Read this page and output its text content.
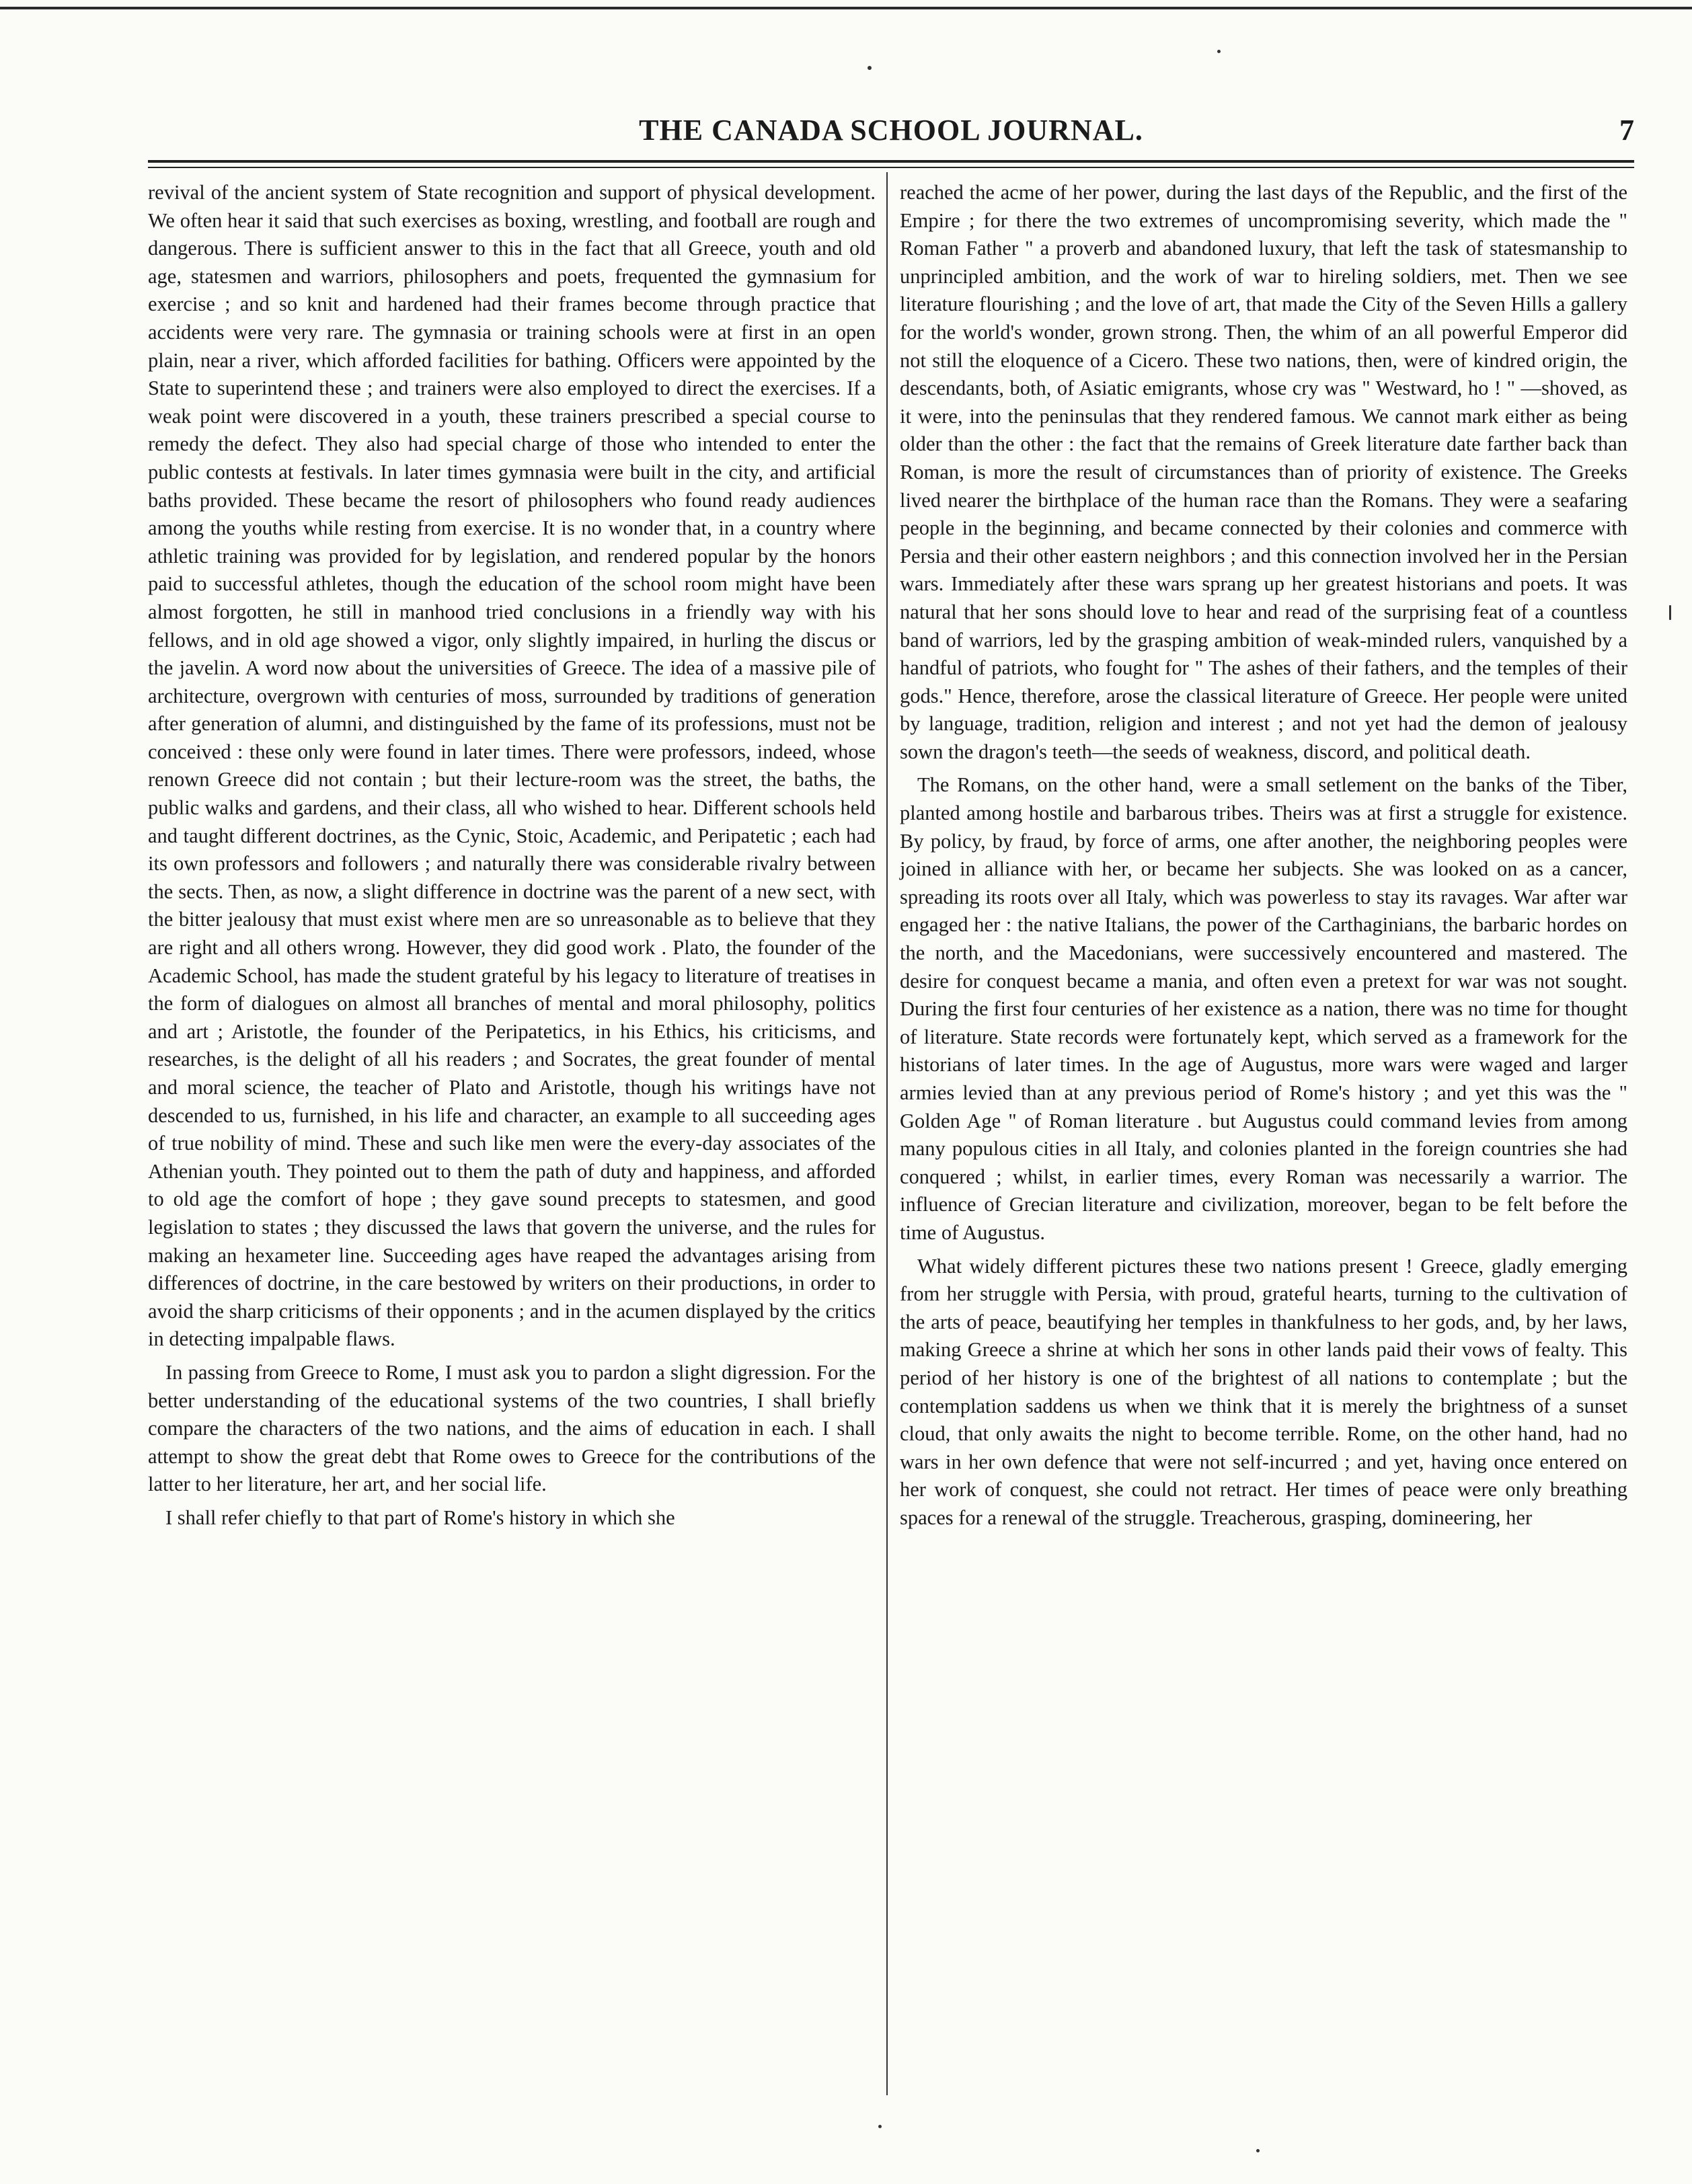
THE CANADA SCHOOL JOURNAL.	7

revival of the ancient system of State recognition and support of physical development. We often hear it said that such exercises as boxing, wrestling, and football are rough and dangerous. There is sufficient answer to this in the fact that all Greece, youth and old age, statesmen and warriors, philosophers and poets, frequented the gymnasium for exercise ; and so knit and hardened had their frames become through practice that accidents were very rare. The gymnasia or training schools were at first in an open plain, near a river, which afforded facilities for bathing. Officers were appointed by the State to superintend these ; and trainers were also employed to direct the exercises. If a weak point were discovered in a youth, these trainers prescribed a special course to remedy the defect. They also had special charge of those who intended to enter the public contests at festivals. In later times gymnasia were built in the city, and artificial baths provided. These became the resort of philosophers who found ready audiences among the youths while resting from exercise. It is no wonder that, in a country where athletic training was provided for by legislation, and rendered popular by the honors paid to successful athletes, though the education of the school room might have been almost forgotten, he still in manhood tried conclusions in a friendly way with his fellows, and in old age showed a vigor, only slightly impaired, in hurling the discus or the javelin. A word now about the universities of Greece. The idea of a massive pile of architecture, overgrown with centuries of moss, surrounded by traditions of generation after generation of alumni, and distinguished by the fame of its professions, must not be conceived : these only were found in later times. There were professors, indeed, whose renown Greece did not contain ; but their lecture-room was the street, the baths, the public walks and gardens, and their class, all who wished to hear. Different schools held and taught different doctrines, as the Cynic, Stoic, Academic, and Peripatetic ; each had its own professors and followers ; and naturally there was considerable rivalry between the sects. Then, as now, a slight difference in doctrine was the parent of a new sect, with the bitter jealousy that must exist where men are so unreasonable as to believe that they are right and all others wrong. However, they did good work . Plato, the founder of the Academic School, has made the student grateful by his legacy to literature of treatises in the form of dialogues on almost all branches of mental and moral philosophy, politics and art ; Aristotle, the founder of the Peripatetics, in his Ethics, his criticisms, and researches, is the delight of all his readers ; and Socrates, the great founder of mental and moral science, the teacher of Plato and Aristotle, though his writings have not descended to us, furnished, in his life and character, an example to all succeeding ages of true nobility of mind. These and such like men were the every-day associates of the Athenian youth. They pointed out to them the path of duty and happiness, and afforded to old age the comfort of hope ; they gave sound precepts to statesmen, and good legislation to states ; they discussed the laws that govern the universe, and the rules for making an hexameter line. Succeeding ages have reaped the advantages arising from differences of doctrine, in the care bestowed by writers on their productions, in order to avoid the sharp criticisms of their opponents ; and in the acumen displayed by the critics in detecting impalpable flaws.

In passing from Greece to Rome, I must ask you to pardon a slight digression. For the better understanding of the educational systems of the two countries, I shall briefly compare the characters of the two nations, and the aims of education in each. I shall attempt to show the great debt that Rome owes to Greece for the contributions of the latter to her literature, her art, and her social life.

I shall refer chiefly to that part of Rome's history in which she

reached the acme of her power, during the last days of the Republic, and the first of the Empire ; for there the two extremes of uncompromising severity, which made the " Roman Father " a proverb and abandoned luxury, that left the task of statesmanship to unprincipled ambition, and the work of war to hireling soldiers, met. Then we see literature flourishing ; and the love of art, that made the City of the Seven Hills a gallery for the world's wonder, grown strong. Then, the whim of an all powerful Emperor did not still the eloquence of a Cicero. These two nations, then, were of kindred origin, the descendants, both, of Asiatic emigrants, whose cry was " Westward, ho ! " —shoved, as it were, into the peninsulas that they rendered famous. We cannot mark either as being older than the other : the fact that the remains of Greek literature date farther back than Roman, is more the result of circumstances than of priority of existence. The Greeks lived nearer the birthplace of the human race than the Romans. They were a seafaring people in the beginning, and became connected by their colonies and commerce with Persia and their other eastern neighbors ; and this connection involved her in the Persian wars. Immediately after these wars sprang up her greatest historians and poets. It was natural that her sons should love to hear and read of the surprising feat of a countless band of warriors, led by the grasping ambition of weak-minded rulers, vanquished by a handful of patriots, who fought for " The ashes of their fathers, and the temples of their gods." Hence, therefore, arose the classical literature of Greece. Her people were united by language, tradition, religion and interest ; and not yet had the demon of jealousy sown the dragon's teeth—the seeds of weakness, discord, and political death.

The Romans, on the other hand, were a small setlement on the banks of the Tiber, planted among hostile and barbarous tribes. Theirs was at first a struggle for existence. By policy, by fraud, by force of arms, one after another, the neighboring peoples were joined in alliance with her, or became her subjects. She was looked on as a cancer, spreading its roots over all Italy, which was powerless to stay its ravages. War after war engaged her : the native Italians, the power of the Carthaginians, the barbaric hordes on the north, and the Macedonians, were successively encountered and mastered. The desire for conquest became a mania, and often even a pretext for war was not sought. During the first four centuries of her existence as a nation, there was no time for thought of literature. State records were fortunately kept, which served as a framework for the historians of later times. In the age of Augustus, more wars were waged and larger armies levied than at any previous period of Rome's history ; and yet this was the " Golden Age " of Roman literature . but Augustus could command levies from among many populous cities in all Italy, and colonies planted in the foreign countries she had conquered ; whilst, in earlier times, every Roman was necessarily a warrior. The influence of Grecian literature and civilization, moreover, began to be felt before the time of Augustus.

What widely different pictures these two nations present ! Greece, gladly emerging from her struggle with Persia, with proud, grateful hearts, turning to the cultivation of the arts of peace, beautifying her temples in thankfulness to her gods, and, by her laws, making Greece a shrine at which her sons in other lands paid their vows of fealty. This period of her history is one of the brightest of all nations to contemplate ; but the contemplation saddens us when we think that it is merely the brightness of a sunset cloud, that only awaits the night to become terrible. Rome, on the other hand, had no wars in her own defence that were not self-incurred ; and yet, having once entered on her work of conquest, she could not retract. Her times of peace were only breathing spaces for a renewal of the struggle. Treacherous, grasping, domineering, her
